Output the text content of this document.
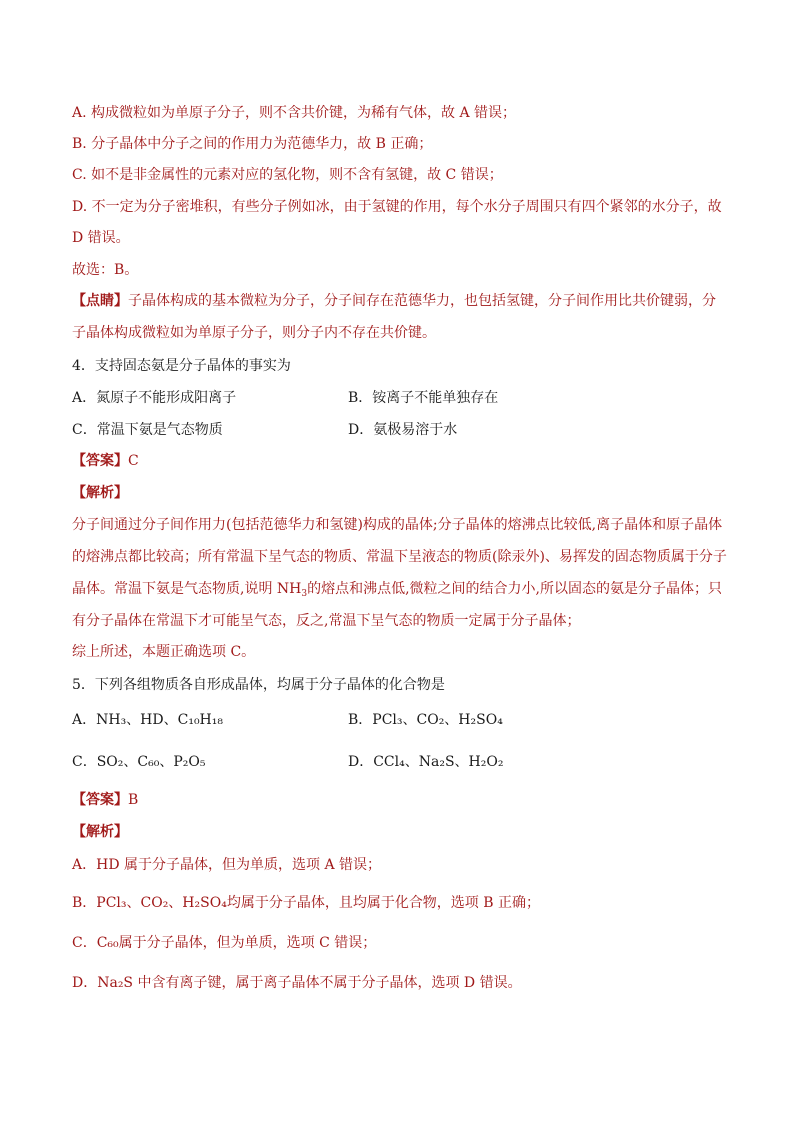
A. 构成微粒如为单原子分子，则不含共价键，为稀有气体，故 A 错误；
B. 分子晶体中分子之间的作用力为范德华力，故 B 正确；
C. 如不是非金属性的元素对应的氢化物，则不含有氢键，故 C 错误；
D. 不一定为分子密堆积，有些分子例如冰，由于氢键的作用，每个水分子周围只有四个紧邻的水分子，故
D 错误。
故选：B。
【点睛】子晶体构成的基本微粒为分子，分子间存在范德华力，也包括氢键，分子间作用比共价键弱，分
子晶体构成微粒如为单原子分子，则分子内不存在共价键。
4．支持固态氨是分子晶体的事实为
A．氮原子不能形成阳离子	B．铵离子不能单独存在
C．常温下氨是气态物质	D．氨极易溶于水
【答案】C
【解析】
分子间通过分子间作用力(包括范德华力和氢键)构成的晶体;分子晶体的熔沸点比较低,离子晶体和原子晶体
的熔沸点都比较高；所有常温下呈气态的物质、常温下呈液态的物质(除汞外)、易挥发的固态物质属于分子
晶体。常温下氨是气态物质,说明 $NH_3$的熔点和沸点低,微粒之间的结合力小,所以固态的氨是分子晶体；只
有分子晶体在常温下才可能呈气态，反之,常温下呈气态的物质一定属于分子晶体；
综上所述，本题正确选项 C。
5．下列各组物质各自形成晶体，均属于分子晶体的化合物是
A．NH₃、HD、C₁₀H₁₈	B．PCl₃、CO₂、H₂SO₄
C．SO₂、C₆₀、P₂O₅	D．CCl₄、Na₂S、H₂O₂
【答案】B
【解析】
A．HD 属于分子晶体，但为单质，选项 A 错误；
B．PCl₃、CO₂、H₂SO₄均属于分子晶体，且均属于化合物，选项 B 正确；
C．C₆₀属于分子晶体，但为单质，选项 C 错误；
D．Na₂S 中含有离子键，属于离子晶体不属于分子晶体，选项 D 错误。
